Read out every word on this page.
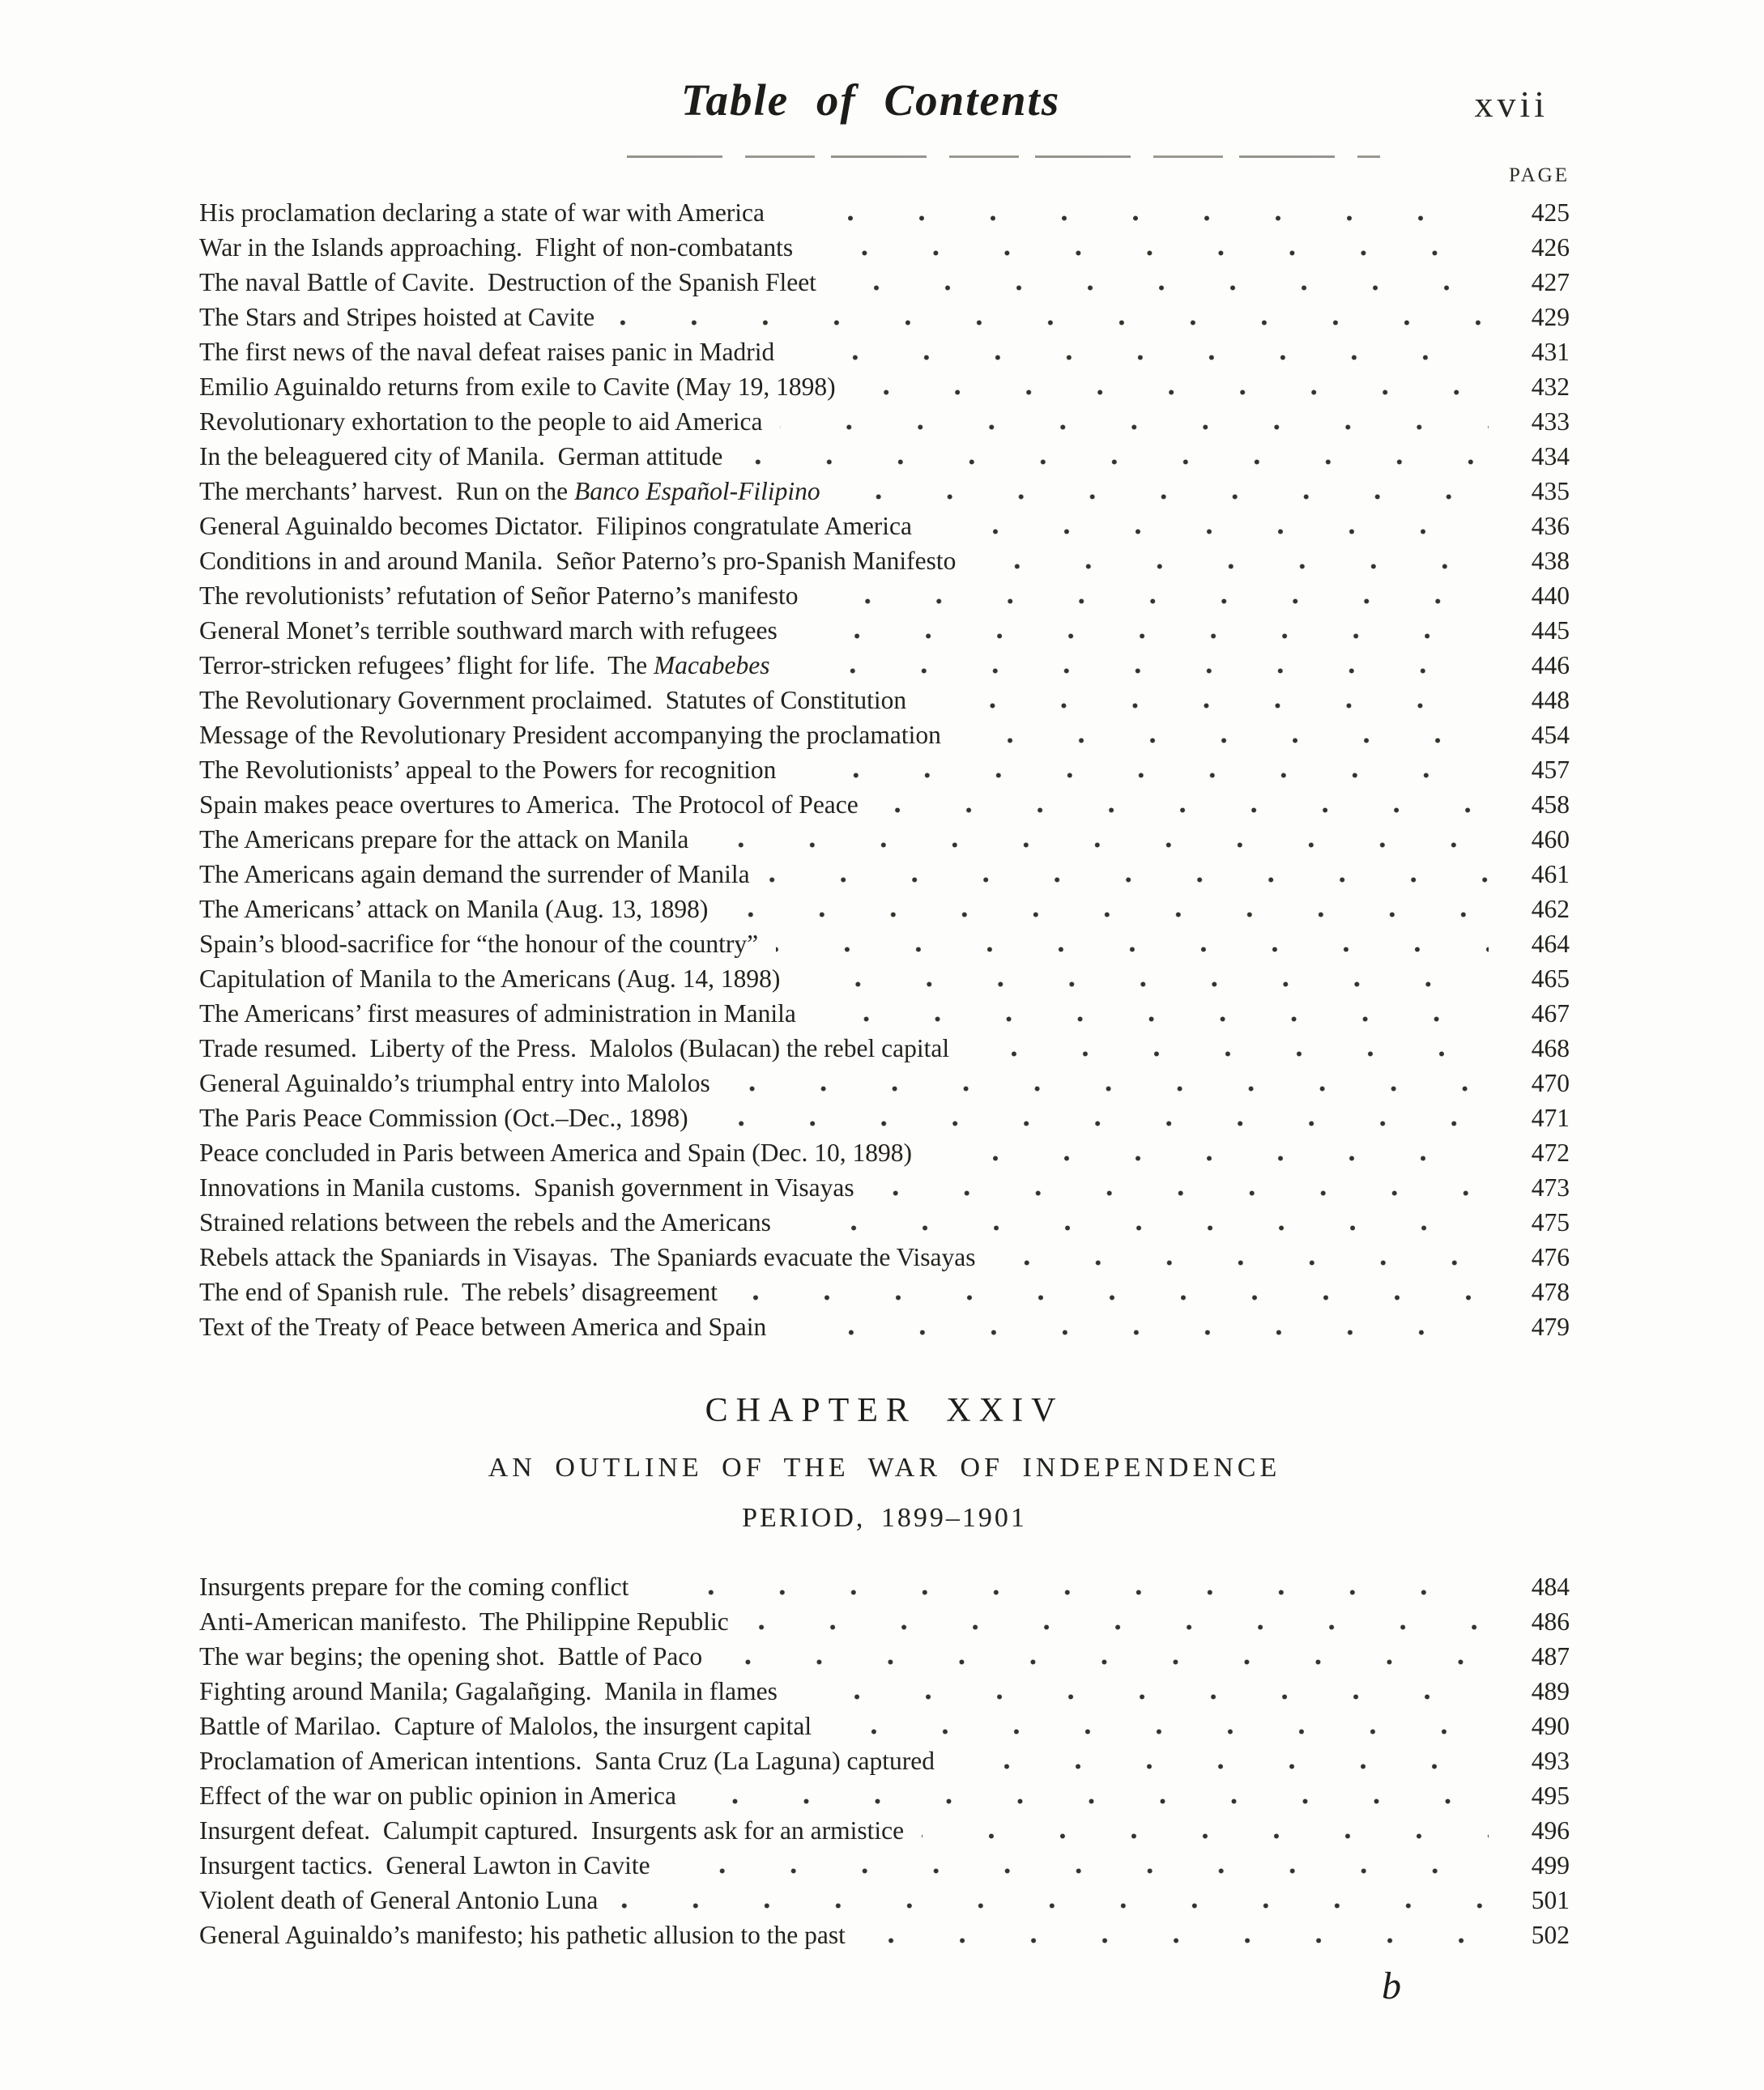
Table of Contents	xvii
PAGE
His proclamation declaring a state of war with America	425
War in the Islands approaching.  Flight of non-combatants	426
The naval Battle of Cavite.  Destruction of the Spanish Fleet	427
The Stars and Stripes hoisted at Cavite	429
The first news of the naval defeat raises panic in Madrid	431
Emilio Aguinaldo returns from exile to Cavite (May 19, 1898)	432
Revolutionary exhortation to the people to aid America	433
In the beleaguered city of Manila.  German attitude	434
The merchants’ harvest.  Run on the Banco Español-Filipino	435
General Aguinaldo becomes Dictator.  Filipinos congratulate America	436
Conditions in and around Manila.  Señor Paterno’s pro-Spanish Manifesto	438
The revolutionists’ refutation of Señor Paterno’s manifesto	440
General Monet’s terrible southward march with refugees	445
Terror-stricken refugees’ flight for life.  The Macabebes	446
The Revolutionary Government proclaimed.  Statutes of Constitution	448
Message of the Revolutionary President accompanying the proclamation	454
The Revolutionists’ appeal to the Powers for recognition	457
Spain makes peace overtures to America.  The Protocol of Peace	458
The Americans prepare for the attack on Manila	460
The Americans again demand the surrender of Manila	461
The Americans’ attack on Manila (Aug. 13, 1898)	462
Spain’s blood-sacrifice for “the honour of the country”	464
Capitulation of Manila to the Americans (Aug. 14, 1898)	465
The Americans’ first measures of administration in Manila	467
Trade resumed.  Liberty of the Press.  Malolos (Bulacan) the rebel capital	468
General Aguinaldo’s triumphal entry into Malolos	470
The Paris Peace Commission (Oct.–Dec., 1898)	471
Peace concluded in Paris between America and Spain (Dec. 10, 1898)	472
Innovations in Manila customs.  Spanish government in Visayas	473
Strained relations between the rebels and the Americans	475
Rebels attack the Spaniards in Visayas.  The Spaniards evacuate the Visayas	476
The end of Spanish rule.  The rebels’ disagreement	478
Text of the Treaty of Peace between America and Spain	479
CHAPTER XXIV
AN OUTLINE OF THE WAR OF INDEPENDENCE
PERIOD, 1899–1901
Insurgents prepare for the coming conflict	484
Anti-American manifesto.  The Philippine Republic	486
The war begins; the opening shot.  Battle of Paco	487
Fighting around Manila; Gagalañging.  Manila in flames	489
Battle of Marilao.  Capture of Malolos, the insurgent capital	490
Proclamation of American intentions.  Santa Cruz (La Laguna) captured	493
Effect of the war on public opinion in America	495
Insurgent defeat.  Calumpit captured.  Insurgents ask for an armistice	496
Insurgent tactics.  General Lawton in Cavite	499
Violent death of General Antonio Luna	501
General Aguinaldo’s manifesto; his pathetic allusion to the past	502
b
